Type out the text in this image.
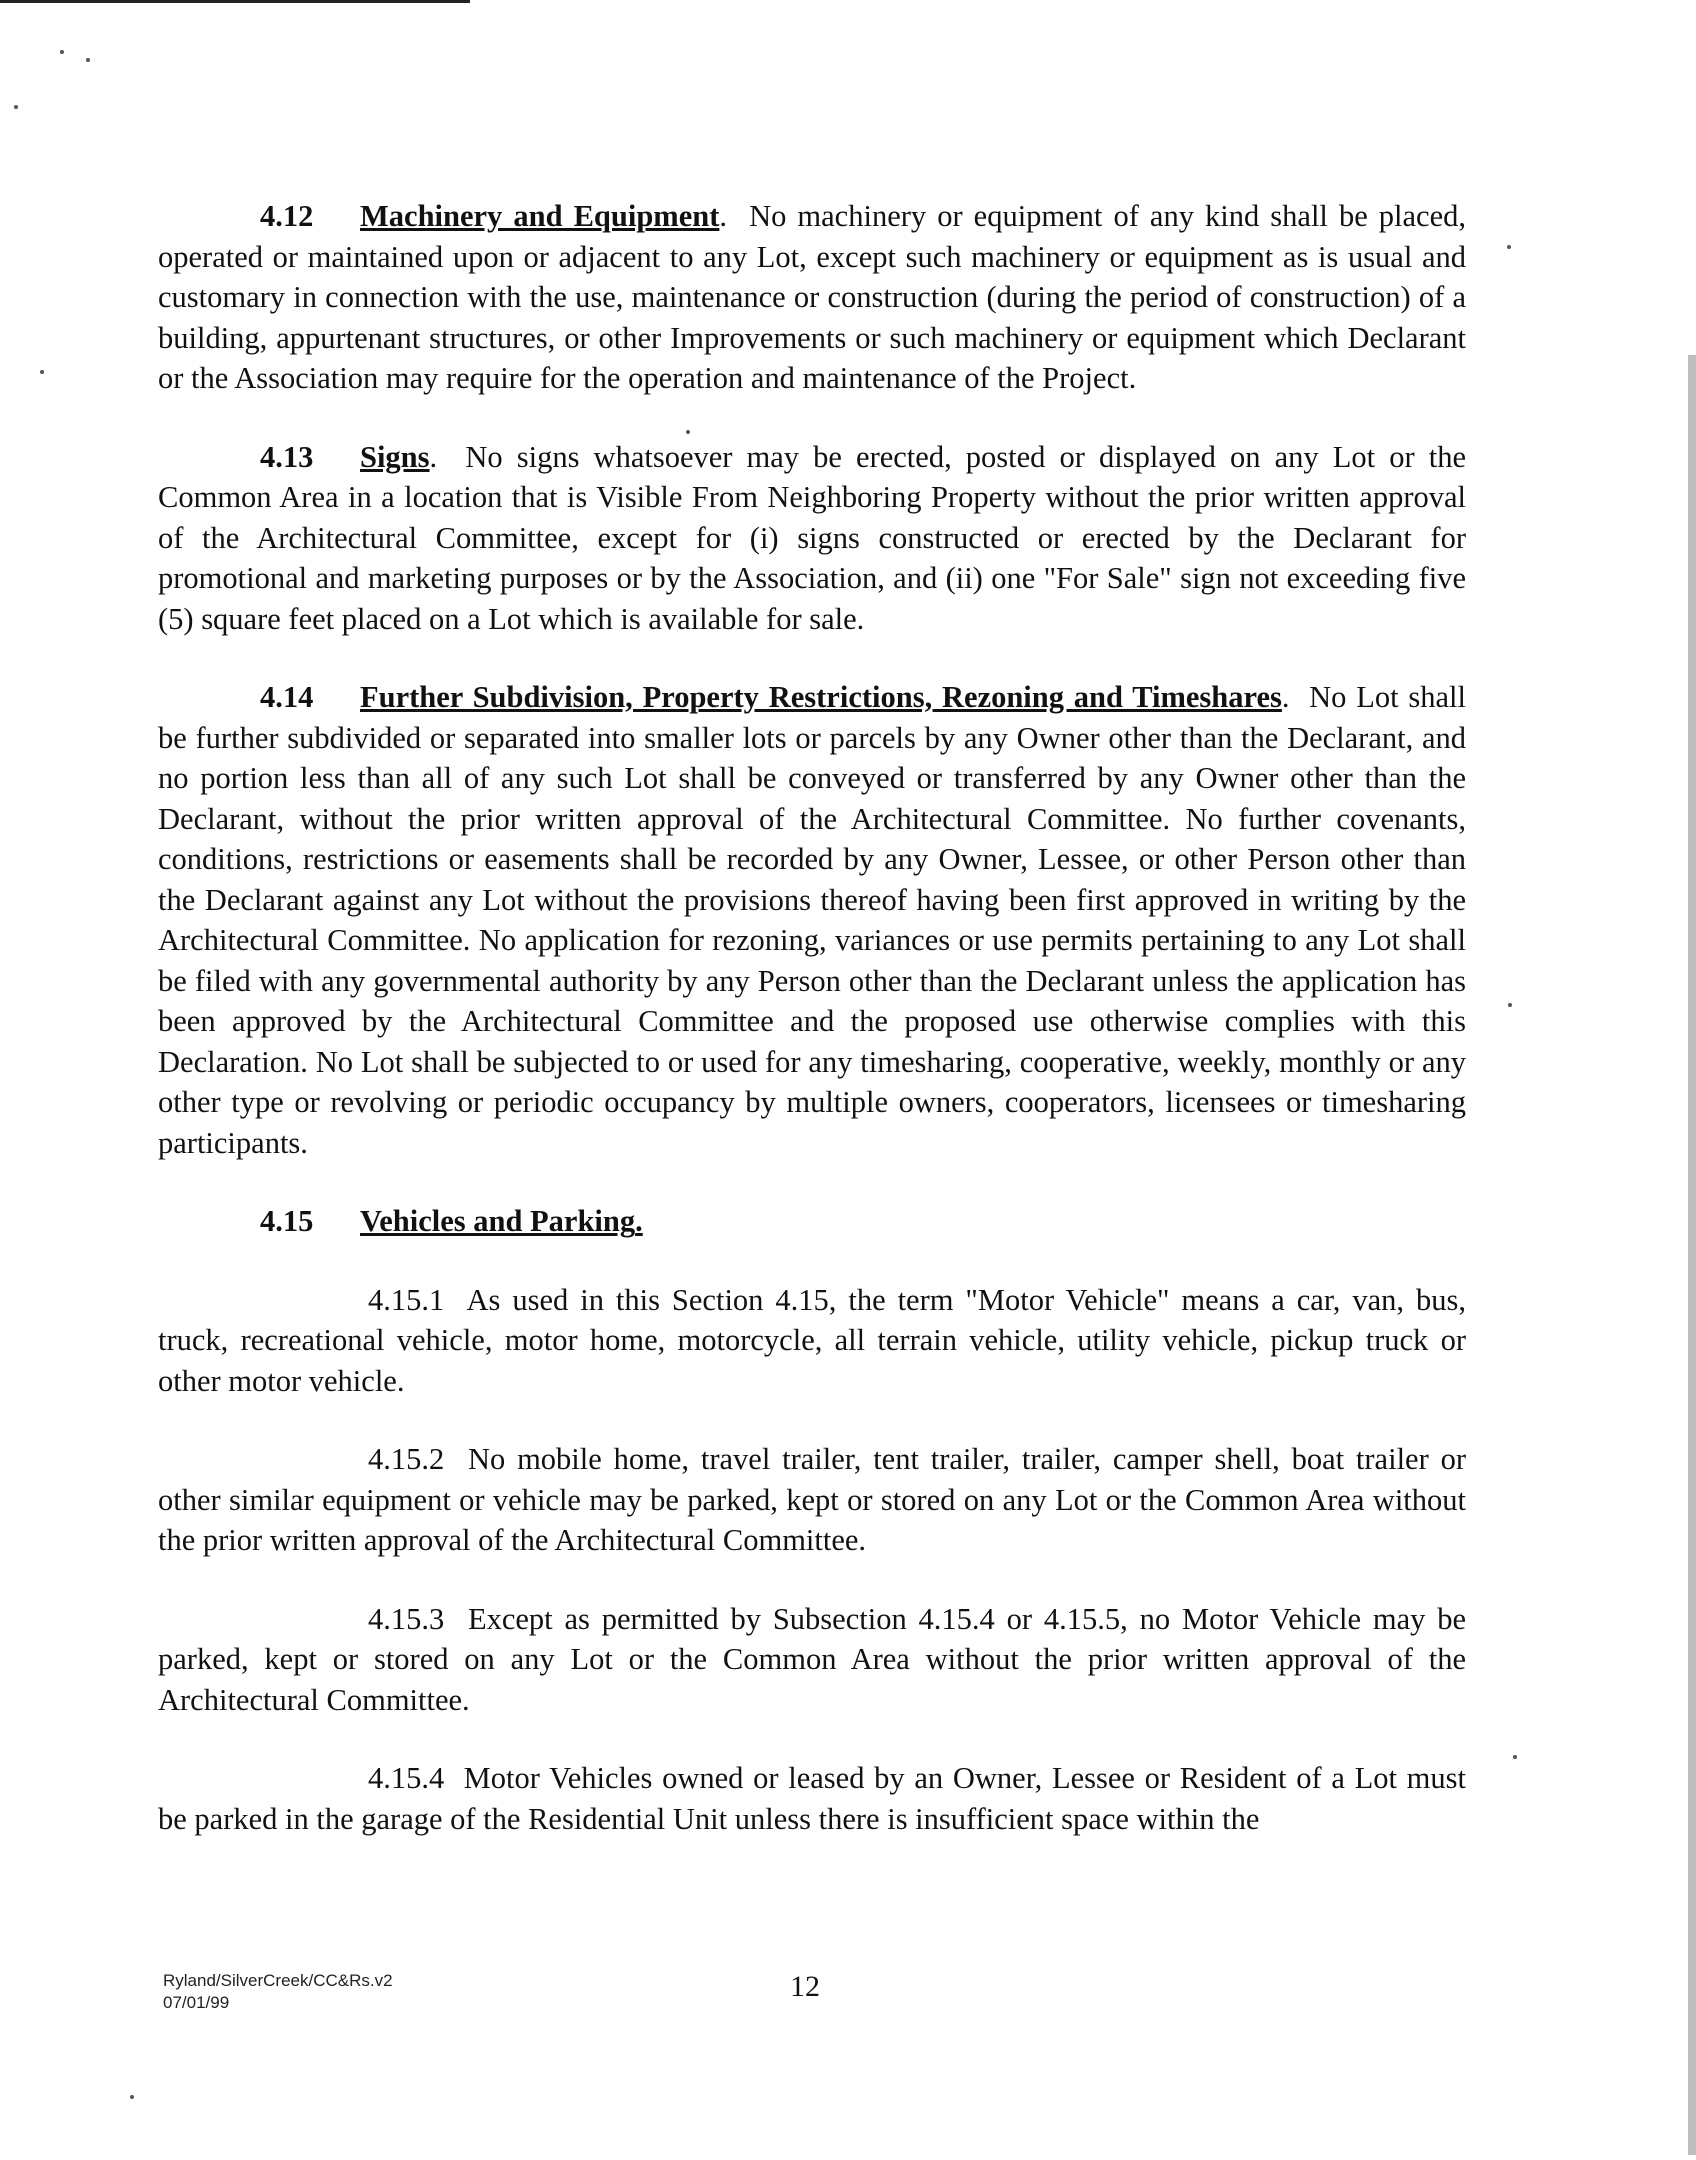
4.12 Machinery and Equipment.  No machinery or equipment of any kind shall be placed, operated or maintained upon or adjacent to any Lot, except such machinery or equipment as is usual and customary in connection with the use, maintenance or construction (during the period of construction) of a building, appurtenant structures, or other Improvements or such machinery or equipment which Declarant or the Association may require for the operation and maintenance of the Project.

4.13 Signs.  No signs whatsoever may be erected, posted or displayed on any Lot or the Common Area in a location that is Visible From Neighboring Property without the prior written approval of the Architectural Committee, except for (i) signs constructed or erected by the Declarant for promotional and marketing purposes or by the Association, and (ii) one "For Sale" sign not exceeding five (5) square feet placed on a Lot which is available for sale.

4.14 Further Subdivision, Property Restrictions, Rezoning and Timeshares.  No Lot shall be further subdivided or separated into smaller lots or parcels by any Owner other than the Declarant, and no portion less than all of any such Lot shall be conveyed or transferred by any Owner other than the Declarant, without the prior written approval of the Architectural Committee. No further covenants, conditions, restrictions or easements shall be recorded by any Owner, Lessee, or other Person other than the Declarant against any Lot without the provisions thereof having been first approved in writing by the Architectural Committee. No application for rezoning, variances or use permits pertaining to any Lot shall be filed with any governmental authority by any Person other than the Declarant unless the application has been approved by the Architectural Committee and the proposed use otherwise complies with this Declaration. No Lot shall be subjected to or used for any timesharing, cooperative, weekly, monthly or any other type or revolving or periodic occupancy by multiple owners, cooperators, licensees or timesharing participants.

4.15 Vehicles and Parking.

4.15.1 As used in this Section 4.15, the term "Motor Vehicle" means a car, van, bus, truck, recreational vehicle, motor home, motorcycle, all terrain vehicle, utility vehicle, pickup truck or other motor vehicle.

4.15.2 No mobile home, travel trailer, tent trailer, trailer, camper shell, boat trailer or other similar equipment or vehicle may be parked, kept or stored on any Lot or the Common Area without the prior written approval of the Architectural Committee.

4.15.3 Except as permitted by Subsection 4.15.4 or 4.15.5, no Motor Vehicle may be parked, kept or stored on any Lot or the Common Area without the prior written approval of the Architectural Committee.

4.15.4 Motor Vehicles owned or leased by an Owner, Lessee or Resident of a Lot must be parked in the garage of the Residential Unit unless there is insufficient space within the

Ryland/SilverCreek/CC&Rs.v2
07/01/99	12
